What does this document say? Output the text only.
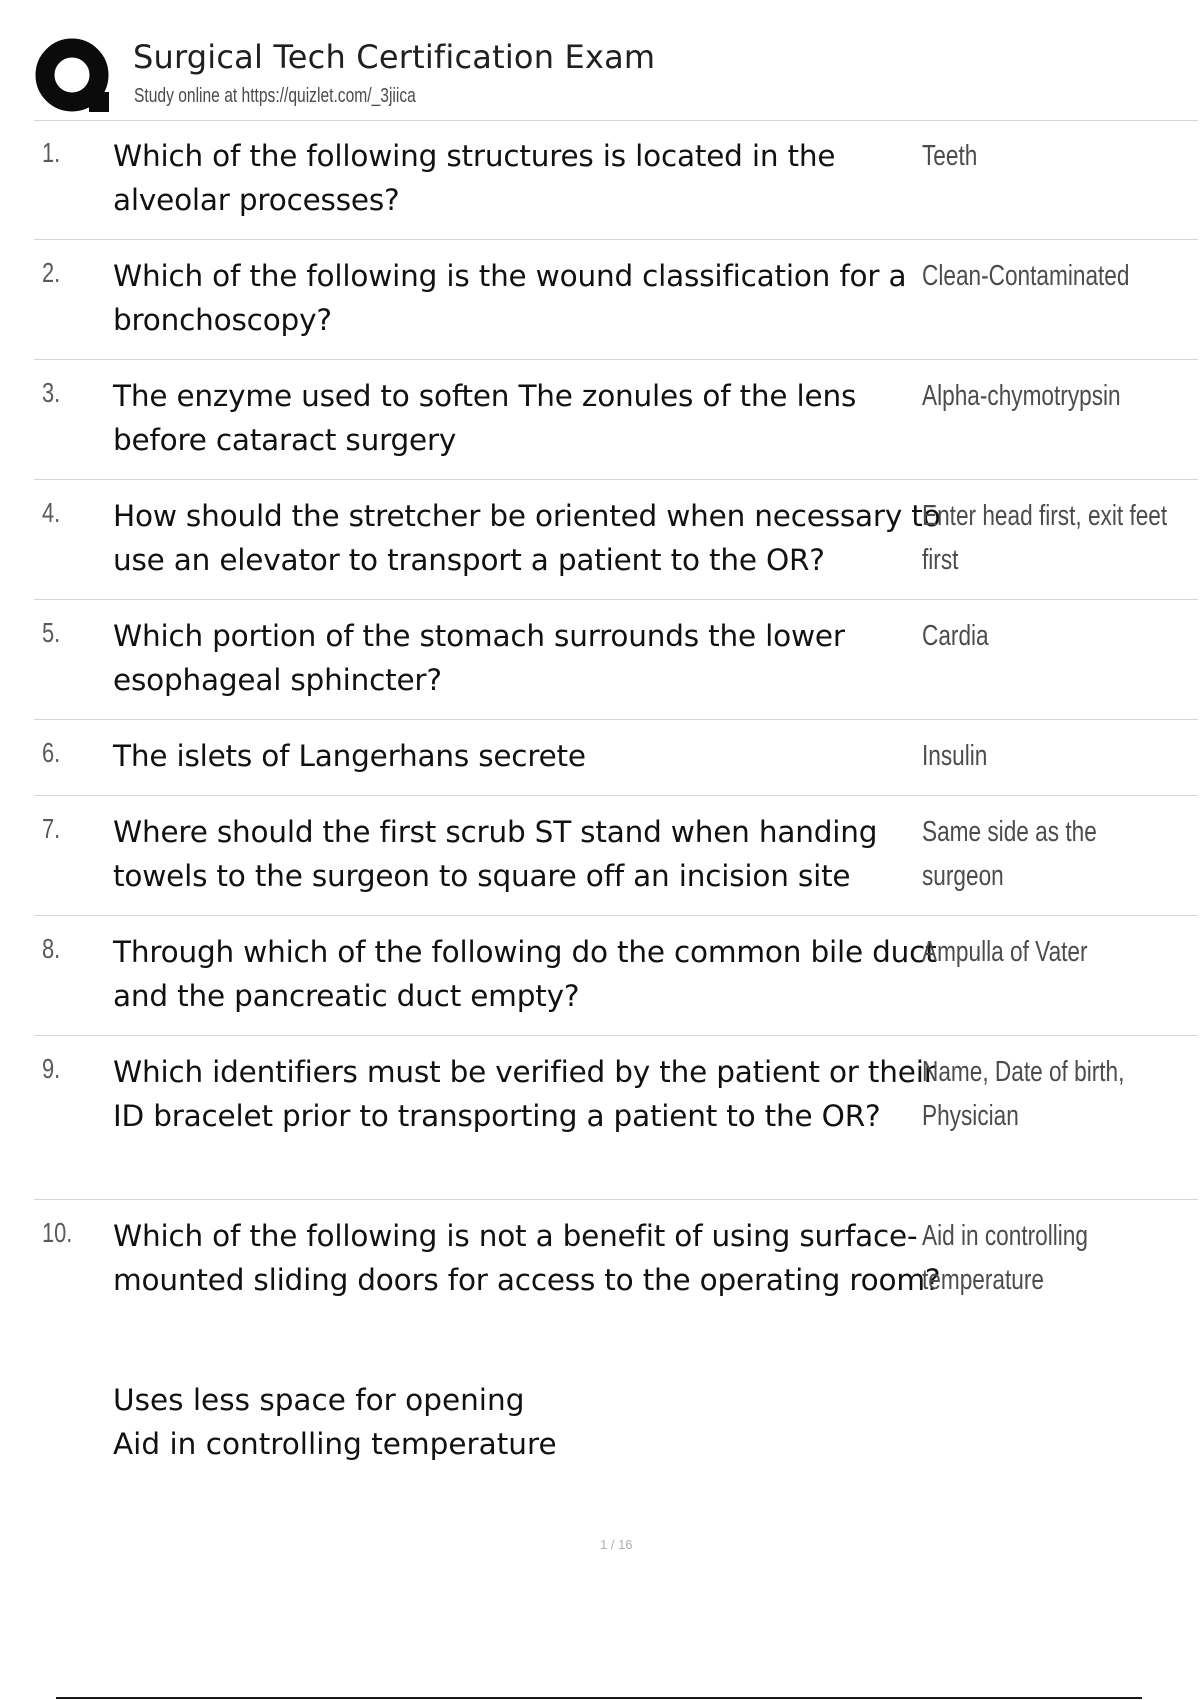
Surgical Tech Certification Exam
Study online at https://quizlet.com/_3jiica
1. Which of the following structures is located in the alveolar processes?
Teeth
2. Which of the following is the wound classification for a bronchoscopy?
Clean-Contaminated
3. The enzyme used to soften The zonules of the lens before cataract surgery
Alpha-chymotrypsin
4. How should the stretcher be oriented when necessary to use an elevator to transport a patient to the OR?
Enter head first, exit feet first
5. Which portion of the stomach surrounds the lower esophageal sphincter?
Cardia
6. The islets of Langerhans secrete	Insulin
7. Where should the first scrub ST stand when handing towels to the surgeon to square off an incision site
Same side as the surgeon
8. Through which of the following do the common bile duct and the pancreatic duct empty?
Ampulla of Vater
9. Which identifiers must be verified by the patient or their ID bracelet prior to transporting a patient to the OR?
Name, Date of birth, Physician
10. Which of the following is not a benefit of using surface-mounted sliding doors for access to the operating room?
Aid in controlling temperature
Uses less space for opening
Aid in controlling temperature
1 / 16
